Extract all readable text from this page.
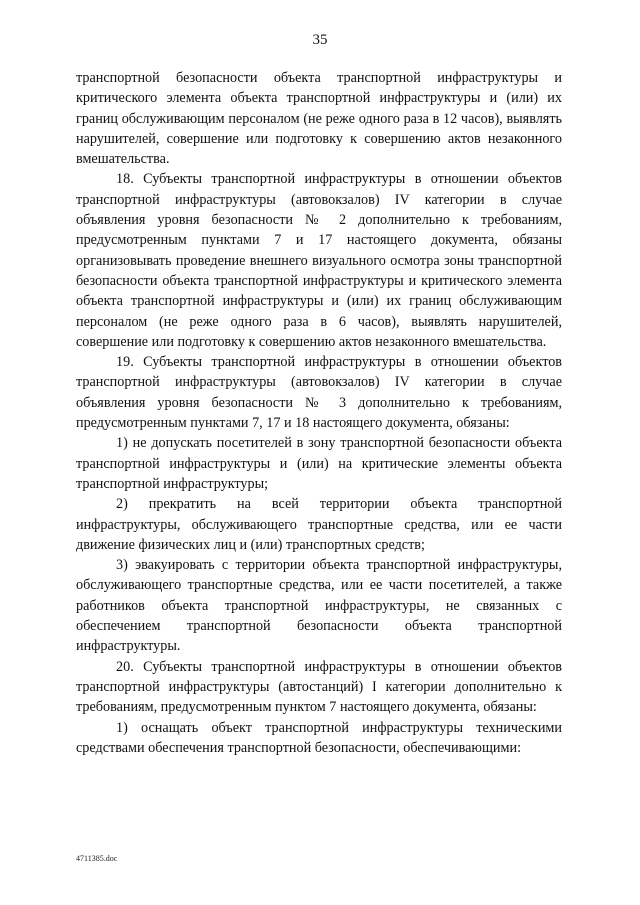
35

транспортной безопасности объекта транспортной инфраструктуры и критического элемента объекта транспортной инфраструктуры и (или) их границ обслуживающим персоналом (не реже одного раза в 12 часов), выявлять нарушителей, совершение или подготовку к совершению актов незаконного вмешательства.

18. Субъекты транспортной инфраструктуры в отношении объектов транспортной инфраструктуры (автовокзалов) IV категории в случае объявления уровня безопасности № 2 дополнительно к требованиям, предусмотренным пунктами 7 и 17 настоящего документа, обязаны организовывать проведение внешнего визуального осмотра зоны транспортной безопасности объекта транспортной инфраструктуры и критического элемента объекта транспортной инфраструктуры и (или) их границ обслуживающим персоналом (не реже одного раза в 6 часов), выявлять нарушителей, совершение или подготовку к совершению актов незаконного вмешательства.

19. Субъекты транспортной инфраструктуры в отношении объектов транспортной инфраструктуры (автовокзалов) IV категории в случае объявления уровня безопасности № 3 дополнительно к требованиям, предусмотренным пунктами 7, 17 и 18 настоящего документа, обязаны:

1) не допускать посетителей в зону транспортной безопасности объекта транспортной инфраструктуры и (или) на критические элементы объекта транспортной инфраструктуры;

2) прекратить на всей территории объекта транспортной инфраструктуры, обслуживающего транспортные средства, или ее части движение физических лиц и (или) транспортных средств;

3) эвакуировать с территории объекта транспортной инфраструктуры, обслуживающего транспортные средства, или ее части посетителей, а также работников объекта транспортной инфраструктуры, не связанных с обеспечением транспортной безопасности объекта транспортной инфраструктуры.

20. Субъекты транспортной инфраструктуры в отношении объектов транспортной инфраструктуры (автостанций) I категории дополнительно к требованиям, предусмотренным пунктом 7 настоящего документа, обязаны:

1) оснащать объект транспортной инфраструктуры техническими средствами обеспечения транспортной безопасности, обеспечивающими:

4711385.doc
